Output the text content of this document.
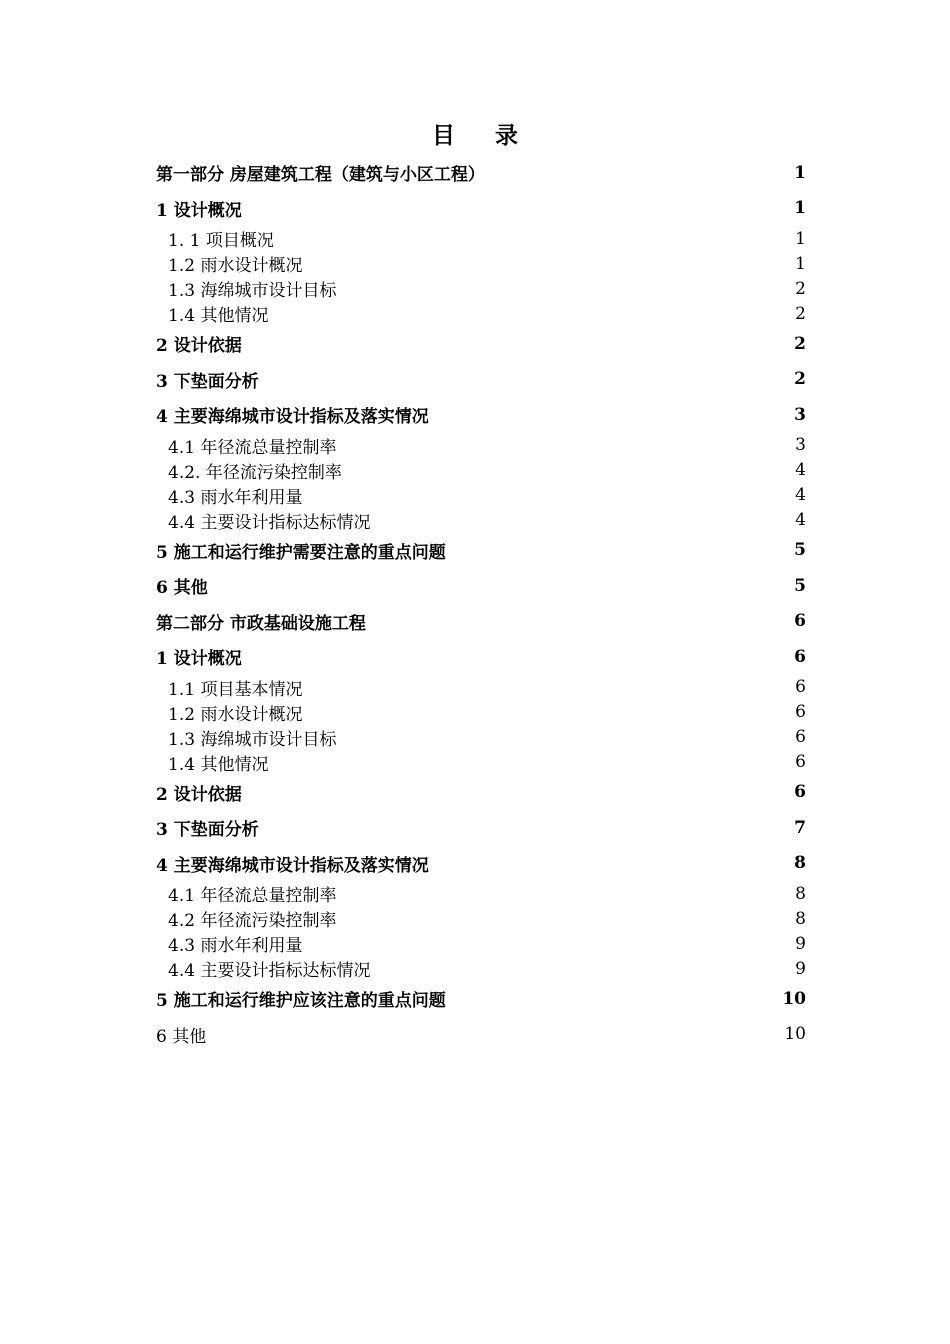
目 录
第一部分 房屋建筑工程（建筑与小区工程）	1
1 设计概况	1
1. 1 项目概况	1
1.2 雨水设计概况	1
1.3 海绵城市设计目标	2
1.4 其他情况	2
2 设计依据	2
3 下垫面分析	2
4 主要海绵城市设计指标及落实情况	3
4.1 年径流总量控制率	3
4.2. 年径流污染控制率	4
4.3 雨水年利用量	4
4.4 主要设计指标达标情况	4
5 施工和运行维护需要注意的重点问题	5
6 其他	5
第二部分 市政基础设施工程	6
1 设计概况	6
1.1 项目基本情况	6
1.2 雨水设计概况	6
1.3 海绵城市设计目标	6
1.4 其他情况	6
2 设计依据	6
3 下垫面分析	7
4 主要海绵城市设计指标及落实情况	8
4.1 年径流总量控制率	8
4.2 年径流污染控制率	8
4.3 雨水年利用量	9
4.4 主要设计指标达标情况	9
5 施工和运行维护应该注意的重点问题	10
6 其他	10
